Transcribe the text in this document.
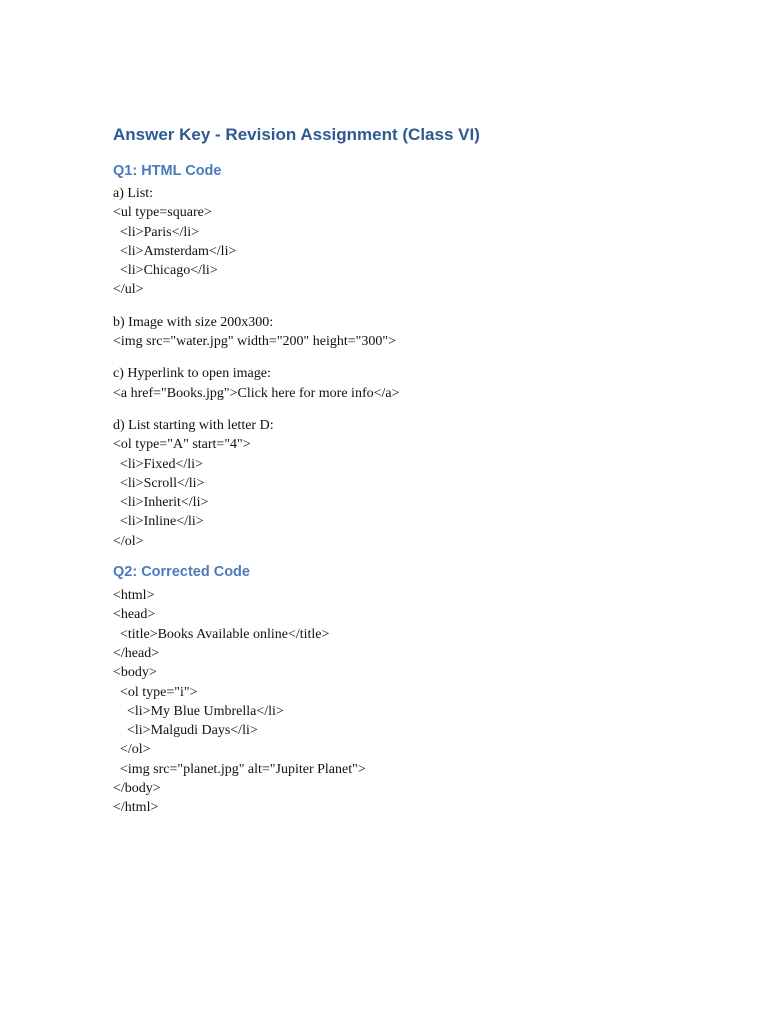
Answer Key - Revision Assignment (Class VI)
Q1: HTML Code
a) List:
<ul type=square>
<li>Paris</li>
<li>Amsterdam</li>
<li>Chicago</li>
</ul>
b) Image with size 200x300:
<img src="water.jpg" width="200" height="300">
c) Hyperlink to open image:
<a href="Books.jpg">Click here for more info</a>
d) List starting with letter D:
<ol type="A" start="4">
<li>Fixed</li>
<li>Scroll</li>
<li>Inherit</li>
<li>Inline</li>
</ol>
Q2: Corrected Code
<html>
<head>
<title>Books Available online</title>
</head>
<body>
<ol type="i">
<li>My Blue Umbrella</li>
<li>Malgudi Days</li>
</ol>
<img src="planet.jpg" alt="Jupiter Planet">
</body>
</html>
